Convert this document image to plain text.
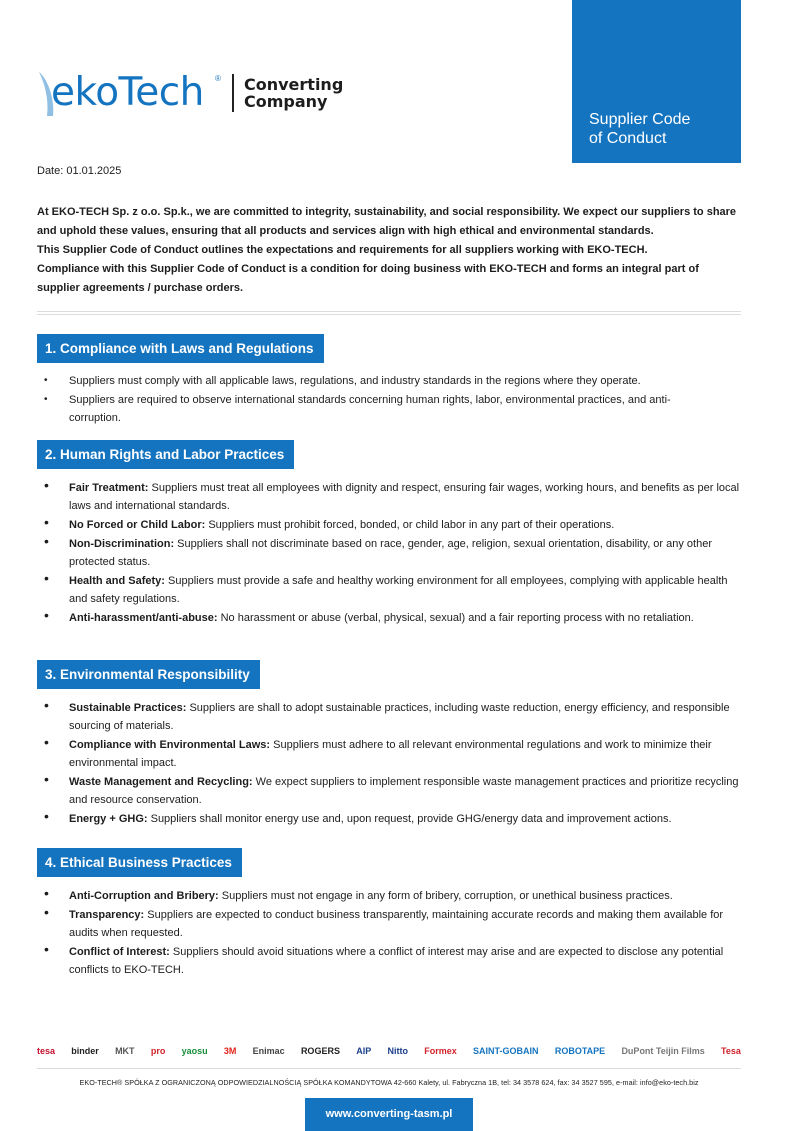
ekoTech ® Converting
Company
Supplier Code
of Conduct
Date: 01.01.2025

At EKO-TECH Sp. z o.o. Sp.k., we are committed to integrity, sustainability, and social responsibility. We expect our suppliers to share and uphold these values, ensuring that all products and services align with high ethical and environmental standards.

This Supplier Code of Conduct outlines the expectations and requirements for all suppliers working with EKO-TECH.

Compliance with this Supplier Code of Conduct is a condition for doing business with EKO-TECH and forms an integral part of supplier agreements / purchase orders.

1. Compliance with Laws and Regulations
• Suppliers must comply with all applicable laws, regulations, and industry standards in the regions where they operate.
• Suppliers are required to observe international standards concerning human rights, labor, environmental practices, and anti-corruption.
2. Human Rights and Labor Practices
• Fair Treatment: Suppliers must treat all employees with dignity and respect, ensuring fair wages, working hours, and benefits as per local laws and international standards.
• No Forced or Child Labor: Suppliers must prohibit forced, bonded, or child labor in any part of their operations.
• Non-Discrimination: Suppliers shall not discriminate based on race, gender, age, religion, sexual orientation, disability, or any other protected status.
• Health and Safety: Suppliers must provide a safe and healthy working environment for all employees, complying with applicable health and safety regulations.
• Anti-harassment/anti-abuse: No harassment or abuse (verbal, physical, sexual) and a fair reporting process with no retaliation.
3. Environmental Responsibility
• Sustainable Practices: Suppliers are shall to adopt sustainable practices, including waste reduction, energy efficiency, and responsible sourcing of materials.
• Compliance with Environmental Laws: Suppliers must adhere to all relevant environmental regulations and work to minimize their environmental impact.
• Waste Management and Recycling: We expect suppliers to implement responsible waste management practices and prioritize recycling and resource conservation.
• Energy + GHG: Suppliers shall monitor energy use and, upon request, provide GHG/energy data and improvement actions.
4. Ethical Business Practices
• Anti-Corruption and Bribery: Suppliers must not engage in any form of bribery, corruption, or unethical business practices.
• Transparency: Suppliers are expected to conduct business transparently, maintaining accurate records and making them available for audits when requested.
• Conflict of Interest: Suppliers should avoid situations where a conflict of interest may arise and are expected to disclose any potential conflicts to EKO-TECH.
tesa binder MKT pro yaosu 3M Enimac ROGERS AIP Nitto Formex SAINT-GOBAIN ROBOTAPE DuPont Teijin Films Tesa
EKO-TECH® SPÓŁKA Z OGRANICZONĄ ODPOWIEDZIALNOŚCIĄ SPÓŁKA KOMANDYTOWA 42-660 Kalety, ul. Fabryczna 1B, tel: 34 3578 624, fax: 34 3527 595, e-mail: info@eko-tech.biz
www.converting-tasm.pl
